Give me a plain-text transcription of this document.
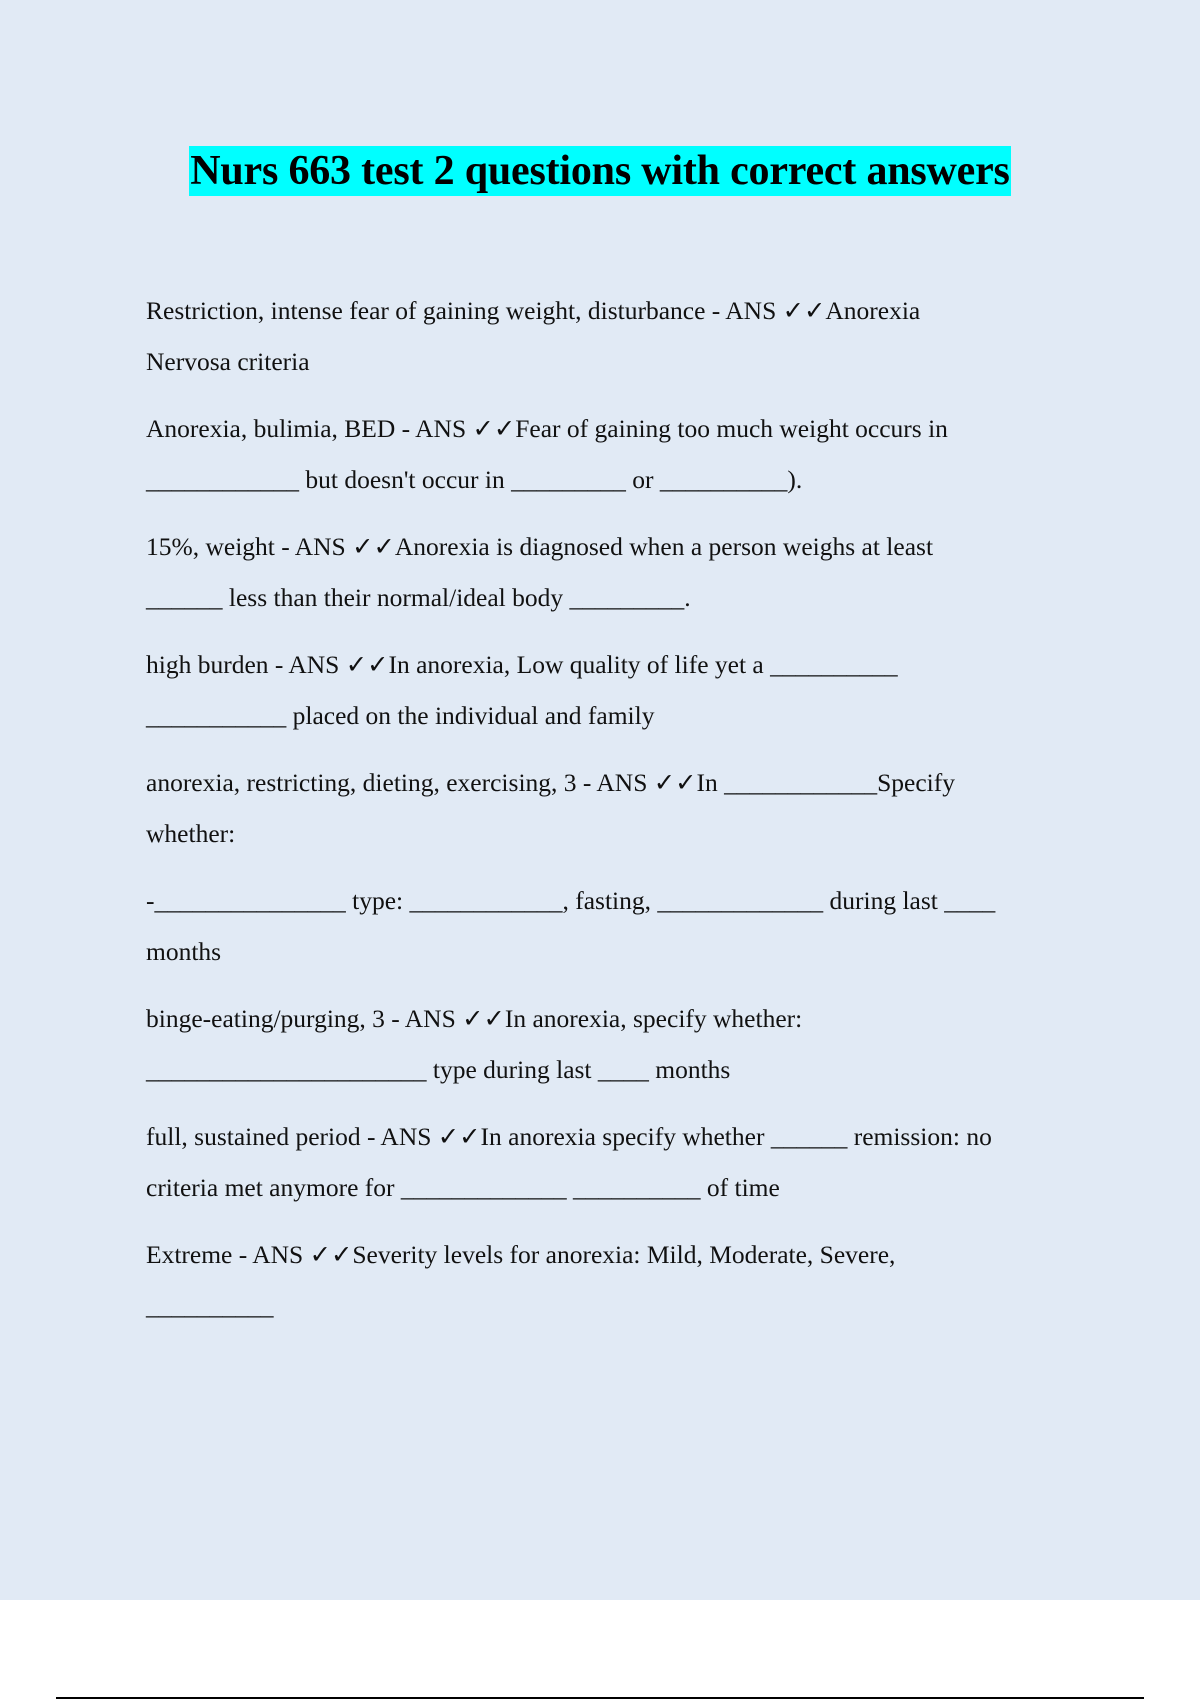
Nurs 663 test 2 questions with correct answers

Restriction, intense fear of gaining weight, disturbance - ANS ✓✓Anorexia
Nervosa criteria

Anorexia, bulimia, BED - ANS ✓✓Fear of gaining too much weight occurs in
____________ but doesn't occur in _________ or __________).

15%, weight - ANS ✓✓Anorexia is diagnosed when a person weighs at least
______ less than their normal/ideal body _________.

high burden - ANS ✓✓In anorexia, Low quality of life yet a __________
___________ placed on the individual and family

anorexia, restricting, dieting, exercising, 3 - ANS ✓✓In ____________Specify
whether:

-_______________ type: ____________, fasting, _____________ during last ____
months

binge-eating/purging, 3 - ANS ✓✓In anorexia, specify whether:
______________________ type during last ____ months

full, sustained period - ANS ✓✓In anorexia specify whether ______ remission: no
criteria met anymore for _____________ __________ of time

Extreme - ANS ✓✓Severity levels for anorexia: Mild, Moderate, Severe,
__________
